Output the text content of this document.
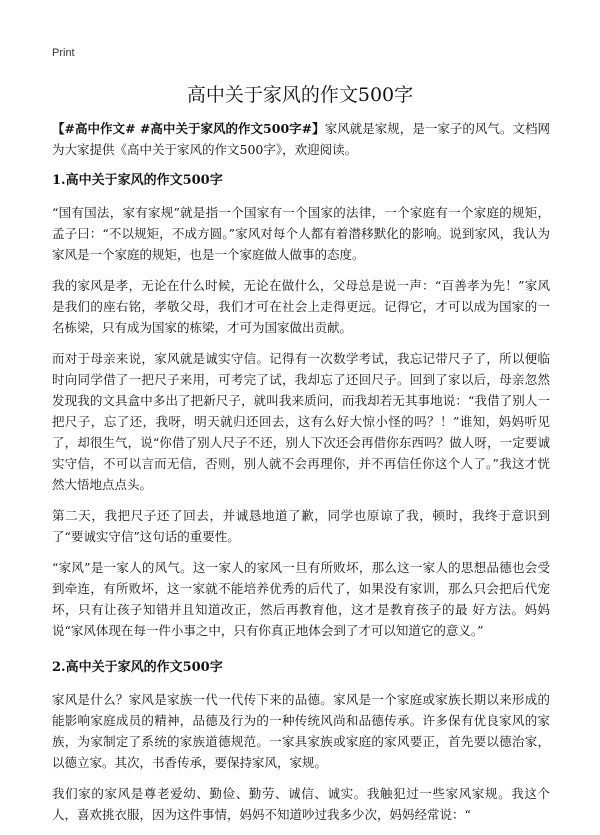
Print
高中关于家风的作文500字

【#高中作文# #高中关于家风的作文500字#】家风就是家规，是一家子的风气。文档网为大家提供《高中关于家风的作文500字》，欢迎阅读。

1.高中关于家风的作文500字

“国有国法，家有家规”就是指一个国家有一个国家的法律，一个家庭有一个家庭的规矩，孟子曰：“不以规矩，不成方圆。”家风对每个人都有着潜移默化的影响。说到家风，我认为家风是一个家庭的规矩，也是一个家庭做人做事的态度。

我的家风是孝，无论在什么时候，无论在做什么，父母总是说一声：“百善孝为先！”家风是我们的座右铭，孝敬父母，我们才可在社会上走得更远。记得它，才可以成为国家的一名栋梁，只有成为国家的栋梁，才可为国家做出贡献。

而对于母亲来说，家风就是诚实守信。记得有一次数学考试，我忘记带尺子了，所以便临时向同学借了一把尺子来用，可考完了试，我却忘了还回尺子。回到了家以后，母亲忽然发现我的文具盒中多出了把新尺子，就叫我来质问，而我却若无其事地说：“我借了别人一把尺子，忘了还，我呀，明天就归还回去，这有么好大惊小怪的吗？！”谁知，妈妈听见了，却很生气，说“你借了别人尺子不还，别人下次还会再借你东西吗？做人呀，一定要诚实守信，不可以言而无信，否则，别人就不会再理你，并不再信任你这个人了。”我这才恍然大悟地点点头。

第二天，我把尺子还了回去，并诚恳地道了歉，同学也原谅了我，顿时，我终于意识到了“要诚实守信”这句话的重要性。

“家风”是一家人的风气。这一家人的家风一旦有所败坏，那么这一家人的思想品德也会受到牵连，有所败坏，这一家就不能培养优秀的后代了，如果没有家训，那么只会把后代宠坏，只有让孩子知错并且知道改正，然后再教育他，这才是教育孩子的最 好方法。妈妈说“家风体现在每一件小事之中，只有你真正地体会到了才可以知道它的意义。”

2.高中关于家风的作文500字

家风是什么？家风是家族一代一代传下来的品德。家风是一个家庭或家族长期以来形成的能影响家庭成员的精神，品德及行为的一种传统风尚和品德传承。许多保有优良家风的家族，为家制定了系统的家族道德规范。一家具家族或家庭的家风要正，首先要以德治家，以德立家。其次，书香传承，要保持家风，家规。

我们家的家风是尊老爱幼、勤俭、勤劳、诚信、诚实。我触犯过一些家风家规。我这个人，喜欢挑衣服，因为这件事情，妈妈不知道吵过我多少次，妈妈经常说：“
